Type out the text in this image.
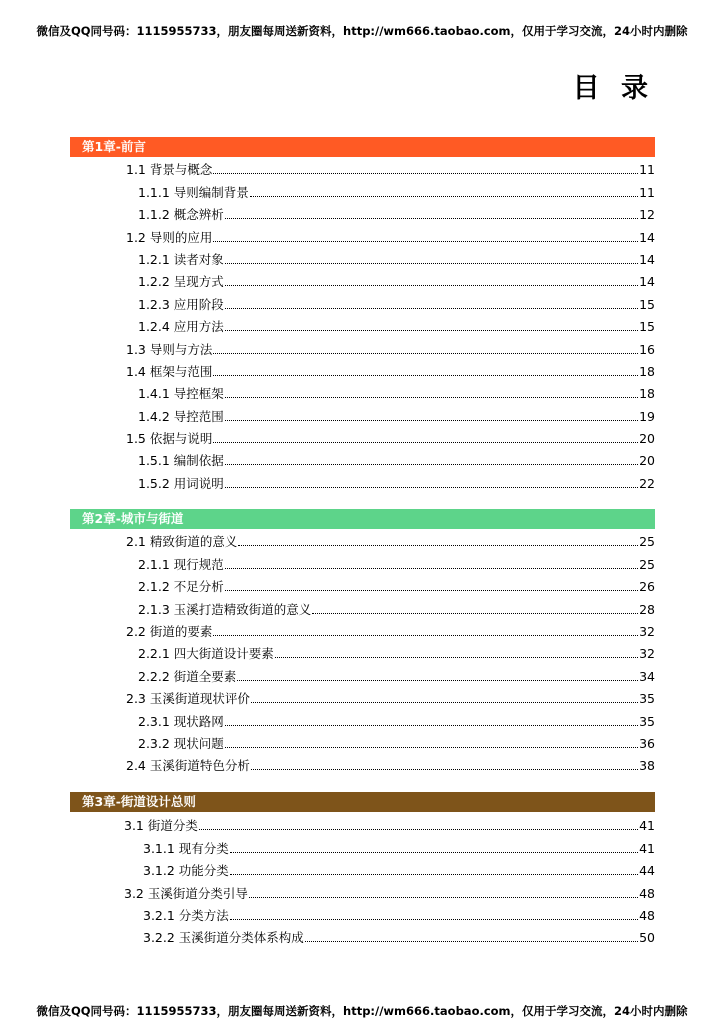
微信及QQ同号码：1115955733，朋友圈每周送新资料，http://wm666.taobao.com，仅用于学习交流，24小时内删除
目 录
第1章-前言
1.1 背景与概念	11
1.1.1 导则编制背景	11
1.1.2 概念辨析	12
1.2 导则的应用	14
1.2.1 读者对象	14
1.2.2 呈现方式	14
1.2.3 应用阶段	15
1.2.4 应用方法	15
1.3 导则与方法	16
1.4 框架与范围	18
1.4.1 导控框架	18
1.4.2 导控范围	19
1.5 依据与说明	20
1.5.1 编制依据	20
1.5.2 用词说明	22
第2章-城市与街道
2.1 精致街道的意义	25
2.1.1 现行规范	25
2.1.2 不足分析	26
2.1.3 玉溪打造精致街道的意义	28
2.2 街道的要素	32
2.2.1 四大街道设计要素	32
2.2.2 街道全要素	34
2.3 玉溪街道现状评价	35
2.3.1 现状路网	35
2.3.2 现状问题	36
2.4 玉溪街道特色分析	38
第3章-街道设计总则
3.1 街道分类	41
3.1.1 现有分类	41
3.1.2 功能分类	44
3.2 玉溪街道分类引导	48
3.2.1 分类方法	48
3.2.2 玉溪街道分类体系构成	50
微信及QQ同号码：1115955733，朋友圈每周送新资料，http://wm666.taobao.com，仅用于学习交流，24小时内删除
